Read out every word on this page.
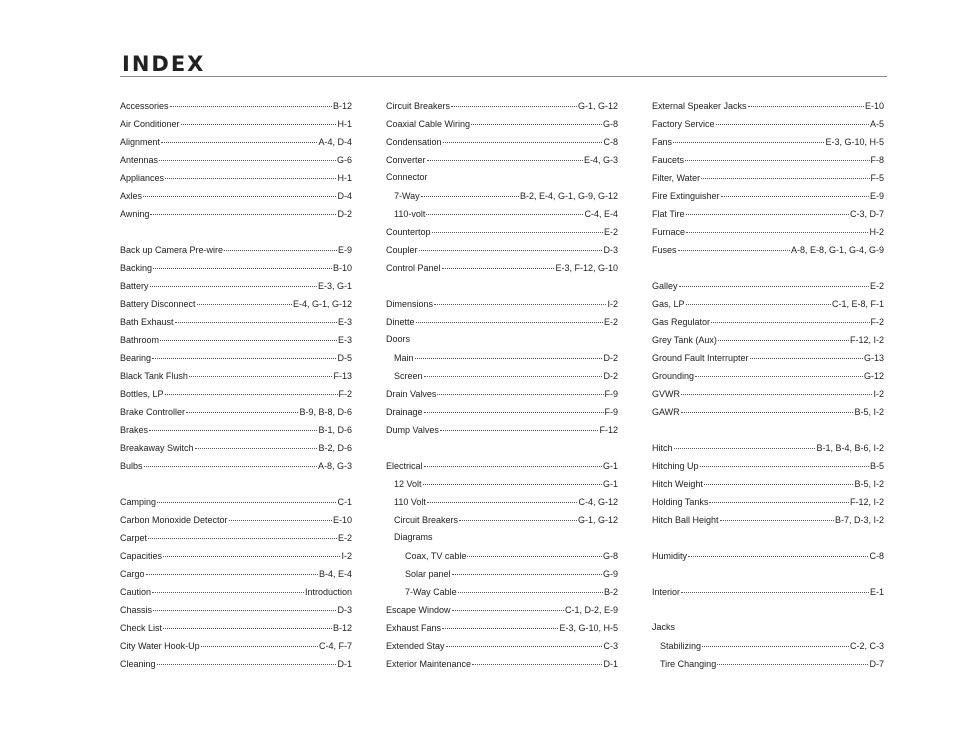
INDEX
Accessories	B-12
Air Conditioner	H-1
Alignment	A-4, D-4
Antennas	G-6
Appliances	H-1
Axles	D-4
Awning	D-2
Back up Camera Pre-wire	E-9
Backing	B-10
Battery	E-3, G-1
Battery Disconnect	E-4, G-1, G-12
Bath Exhaust	E-3
Bathroom	E-3
Bearing	D-5
Black Tank Flush	F-13
Bottles, LP	F-2
Brake Controller	B-9, B-8, D-6
Brakes	B-1, D-6
Breakaway Switch	B-2, D-6
Bulbs	A-8, G-3
Camping	C-1
Carbon Monoxide Detector	E-10
Carpet	E-2
Capacities	I-2
Cargo	B-4, E-4
Caution	Introduction
Chassis	D-3
Check List	B-12
City Water Hook-Up	C-4, F-7
Cleaning	D-1
Circuit Breakers	G-1, G-12
Coaxial Cable Wiring	G-8
Condensation	C-8
Converter	E-4, G-3
Connector
7-Way	B-2, E-4, G-1, G-9, G-12
110-volt	C-4, E-4
Countertop	E-2
Coupler	D-3
Control Panel	E-3, F-12, G-10
Dimensions	I-2
Dinette	E-2
Doors
Main	D-2
Screen	D-2
Drain Valves	F-9
Drainage	F-9
Dump Valves	F-12
Electrical	G-1
12 Volt	G-1
110 Volt	C-4, G-12
Circuit Breakers	G-1, G-12
Diagrams
Coax, TV cable	G-8
Solar panel	G-9
7-Way Cable	B-2
Escape Window	C-1, D-2, E-9
Exhaust Fans	E-3, G-10, H-5
Extended Stay	C-3
Exterior Maintenance	D-1
External Speaker Jacks	E-10
Factory Service	A-5
Fans	E-3, G-10, H-5
Faucets	F-8
Filter, Water	F-5
Fire Extinguisher	E-9
Flat Tire	C-3, D-7
Furnace	H-2
Fuses	A-8, E-8, G-1, G-4, G-9
Galley	E-2
Gas, LP	C-1, E-8, F-1
Gas Regulator	F-2
Grey Tank (Aux)	F-12, I-2
Ground Fault Interrupter	G-13
Grounding	G-12
GVWR	I-2
GAWR	B-5, I-2
Hitch	B-1, B-4, B-6, I-2
Hitching Up	B-5
Hitch Weight	B-5, I-2
Holding Tanks	F-12, I-2
Hitch Ball Height	B-7, D-3, I-2
Humidity	C-8
Interior	E-1
Jacks
Stabilizing	C-2, C-3
Tire Changing	D-7
